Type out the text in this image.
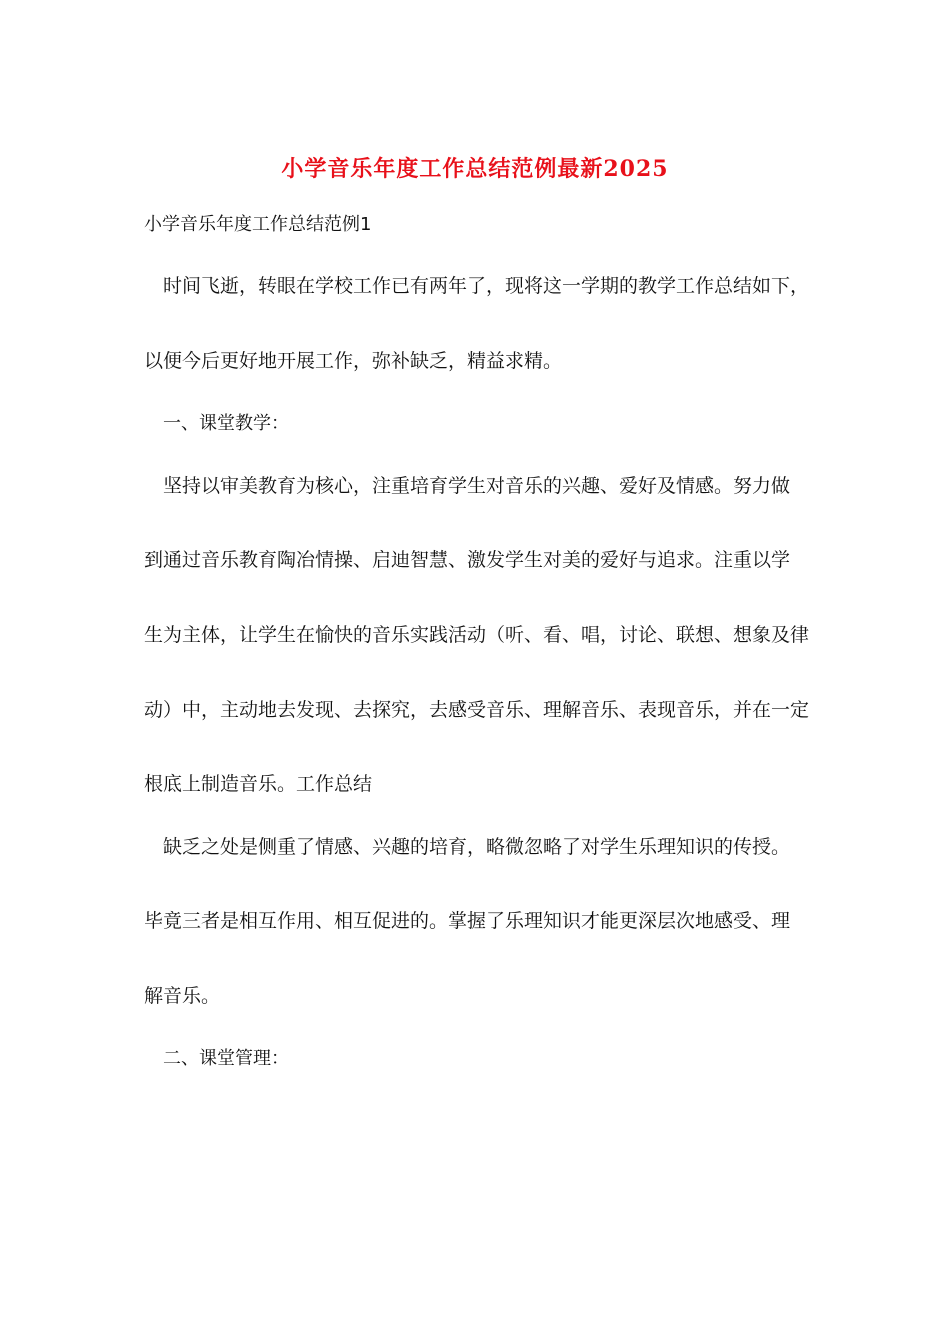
小学音乐年度工作总结范例最新2025

小学音乐年度工作总结范例1

时间飞逝，转眼在学校工作已有两年了，现将这一学期的教学工作总结如下，

以便今后更好地开展工作，弥补缺乏，精益求精。

一、课堂教学：

坚持以审美教育为核心，注重培育学生对音乐的兴趣、爱好及情感。努力做

到通过音乐教育陶冶情操、启迪智慧、激发学生对美的爱好与追求。注重以学

生为主体，让学生在愉快的音乐实践活动（听、看、唱，讨论、联想、想象及律

动）中，主动地去发现、去探究，去感受音乐、理解音乐、表现音乐，并在一定

根底上制造音乐。工作总结

缺乏之处是侧重了情感、兴趣的培育，略微忽略了对学生乐理知识的传授。

毕竟三者是相互作用、相互促进的。掌握了乐理知识才能更深层次地感受、理

解音乐。

二、课堂管理：
